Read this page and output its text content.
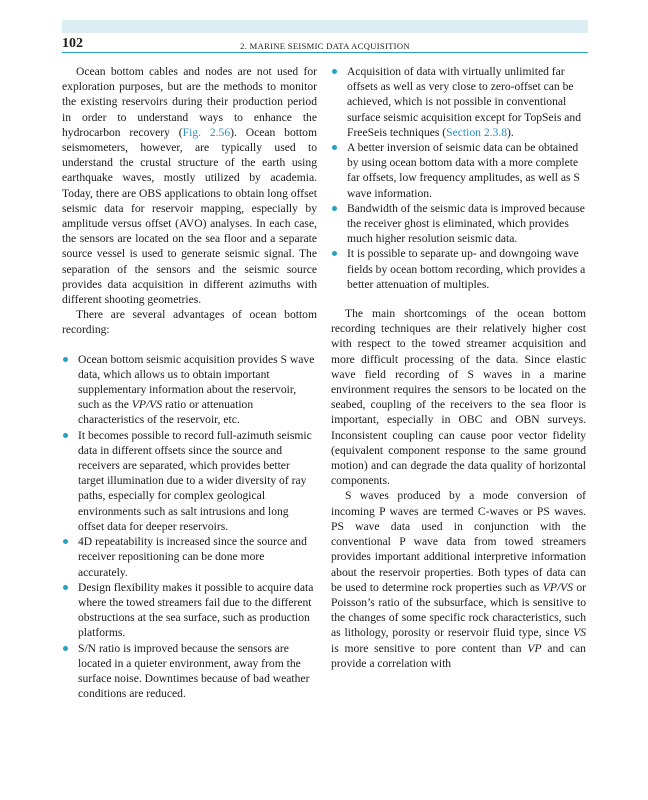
102	2. MARINE SEISMIC DATA ACQUISITION

Ocean bottom cables and nodes are not used for exploration purposes, but are the methods to monitor the existing reservoirs during their production period in order to understand ways to enhance the hydrocarbon recovery (Fig. 2.56). Ocean bottom seismometers, however, are typically used to understand the crustal structure of the earth using earthquake waves, mostly utilized by academia. Today, there are OBS applications to obtain long offset seismic data for reservoir mapping, especially by amplitude versus offset (AVO) analyses. In each case, the sensors are located on the sea floor and a separate source vessel is used to generate seismic signal. The separation of the sensors and the seismic source provides data acquisition in different azimuths with different shooting geometries.

There are several advantages of ocean bottom recording:

Ocean bottom seismic acquisition provides S wave data, which allows us to obtain important supplementary information about the reservoir, such as the VP/VS ratio or attenuation characteristics of the reservoir, etc.
It becomes possible to record full-azimuth seismic data in different offsets since the source and receivers are separated, which provides better target illumination due to a wider diversity of ray paths, especially for complex geological environments such as salt intrusions and long offset data for deeper reservoirs.
4D repeatability is increased since the source and receiver repositioning can be done more accurately.
Design flexibility makes it possible to acquire data where the towed streamers fail due to the different obstructions at the sea surface, such as production platforms.
S/N ratio is improved because the sensors are located in a quieter environment, away from the surface noise. Downtimes because of bad weather conditions are reduced.
Acquisition of data with virtually unlimited far offsets as well as very close to zero-offset can be achieved, which is not possible in conventional surface seismic acquisition except for TopSeis and FreeSeis techniques (Section 2.3.8).
A better inversion of seismic data can be obtained by using ocean bottom data with a more complete far offsets, low frequency amplitudes, as well as S wave information.
Bandwidth of the seismic data is improved because the receiver ghost is eliminated, which provides much higher resolution seismic data.
It is possible to separate up- and downgoing wave fields by ocean bottom recording, which provides a better attenuation of multiples.

The main shortcomings of the ocean bottom recording techniques are their relatively higher cost with respect to the towed streamer acquisition and more difficult processing of the data. Since elastic wave field recording of S waves in a marine environment requires the sensors to be located on the seabed, coupling of the receivers to the sea floor is important, especially in OBC and OBN surveys. Inconsistent coupling can cause poor vector fidelity (equivalent component response to the same ground motion) and can degrade the data quality of horizontal components.

S waves produced by a mode conversion of incoming P waves are termed C-waves or PS waves. PS wave data used in conjunction with the conventional P wave data from towed streamers provides important additional interpretive information about the reservoir properties. Both types of data can be used to determine rock properties such as VP/VS or Poisson’s ratio of the subsurface, which is sensitive to the changes of some specific rock characteristics, such as lithology, porosity or reservoir fluid type, since VS is more sensitive to pore content than VP and can provide a correlation with
